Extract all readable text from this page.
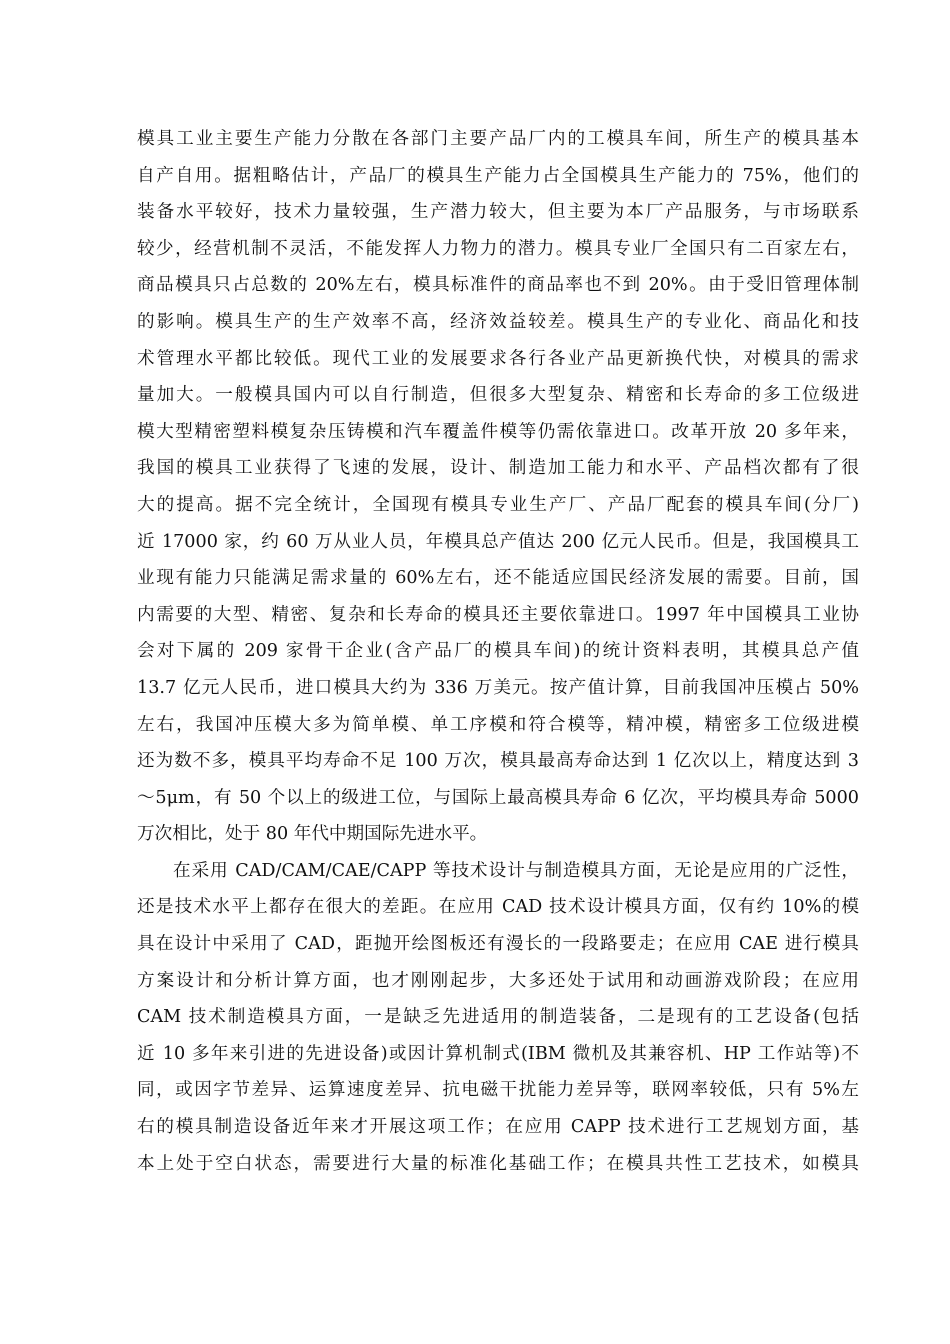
模具工业主要生产能力分散在各部门主要产品厂内的工模具车间，所生产的模具基本
自产自用。据粗略估计，产品厂的模具生产能力占全国模具生产能力的 75%，他们的
装备水平较好，技术力量较强，生产潜力较大，但主要为本厂产品服务，与市场联系
较少，经营机制不灵活，不能发挥人力物力的潜力。模具专业厂全国只有二百家左右，
商品模具只占总数的 20%左右，模具标准件的商品率也不到 20%。由于受旧管理体制
的影响。模具生产的生产效率不高，经济效益较差。模具生产的专业化、商品化和技
术管理水平都比较低。现代工业的发展要求各行各业产品更新换代快，对模具的需求
量加大。一般模具国内可以自行制造，但很多大型复杂、精密和长寿命的多工位级进
模大型精密塑料模复杂压铸模和汽车覆盖件模等仍需依靠进口。改革开放 20 多年来，
我国的模具工业获得了飞速的发展，设计、制造加工能力和水平、产品档次都有了很
大的提高。据不完全统计，全国现有模具专业生产厂、产品厂配套的模具车间(分厂)
近 17000 家，约 60 万从业人员，年模具总产值达 200 亿元人民币。但是，我国模具工
业现有能力只能满足需求量的 60%左右，还不能适应国民经济发展的需要。目前，国
内需要的大型、精密、复杂和长寿命的模具还主要依靠进口。1997 年中国模具工业协
会对下属的 209 家骨干企业(含产品厂的模具车间)的统计资料表明，其模具总产值
13.7 亿元人民币，进口模具大约为 336 万美元。按产值计算，目前我国冲压模占 50%
左右，我国冲压模大多为简单模、单工序模和符合模等，精冲模，精密多工位级进模
还为数不多，模具平均寿命不足 100 万次，模具最高寿命达到 1 亿次以上，精度达到 3
～5μm，有 50 个以上的级进工位，与国际上最高模具寿命 6 亿次，平均模具寿命 5000
万次相比，处于 80 年代中期国际先进水平。
在采用 CAD/CAM/CAE/CAPP 等技术设计与制造模具方面，无论是应用的广泛性，
还是技术水平上都存在很大的差距。在应用 CAD 技术设计模具方面，仅有约 10%的模
具在设计中采用了 CAD，距抛开绘图板还有漫长的一段路要走；在应用 CAE 进行模具
方案设计和分析计算方面，也才刚刚起步，大多还处于试用和动画游戏阶段；在应用
CAM 技术制造模具方面，一是缺乏先进适用的制造装备，二是现有的工艺设备(包括
近 10 多年来引进的先进设备)或因计算机制式(IBM 微机及其兼容机、HP 工作站等)不
同，或因字节差异、运算速度差异、抗电磁干扰能力差异等，联网率较低，只有 5%左
右的模具制造设备近年来才开展这项工作；在应用 CAPP 技术进行工艺规划方面，基
本上处于空白状态，需要进行大量的标准化基础工作；在模具共性工艺技术，如模具
